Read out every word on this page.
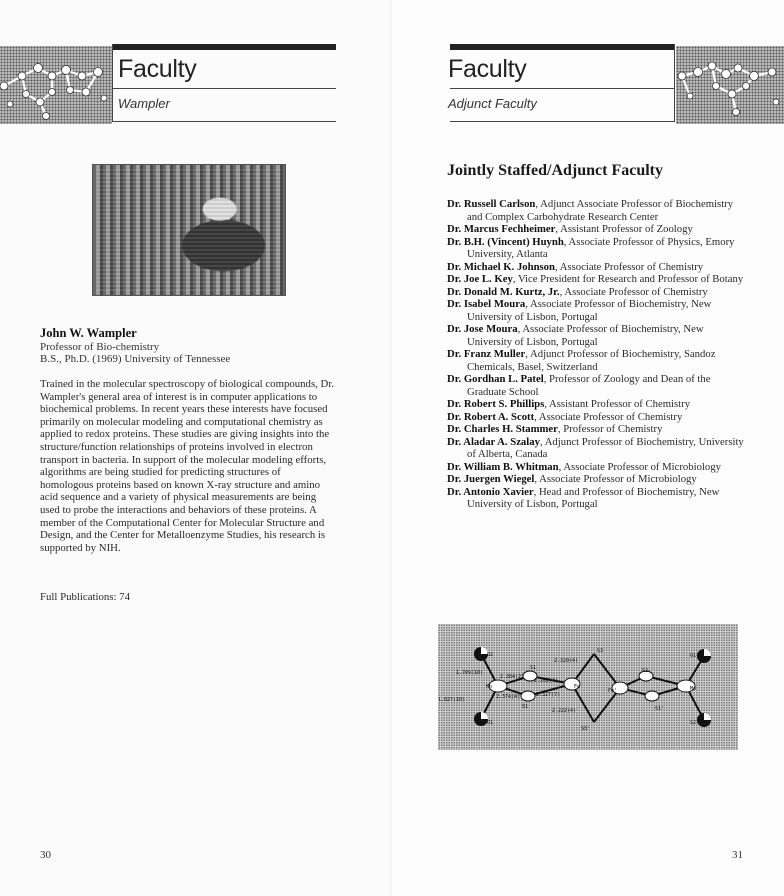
Faculty
Wampler
John W. Wampler
Professor of Bio-chemistry
B.S., Ph.D. (1969) University of Tennessee

Trained in the molecular spectroscopy of biological compounds, Dr. Wampler's general area of interest is in computer applications to biochemical problems. In recent years these interests have focused primarily on molecular modeling and computational chemistry as applied to redox proteins. These studies are giving insights into the structure/function relationships of proteins involved in electron transport in bacteria. In support of the molecular modeling efforts, algorithms are being studied for predicting structures of homologous proteins based on known X-ray structure and amino acid sequence and a variety of physical measurements are being used to probe the interactions and behaviors of these proteins. A member of the Computational Center for Molecular Structure and Design, and the Center for Metalloenzyme Studies, his research is supported by NIH.

Full Publications: 74
30
Faculty
Adjunct Faculty
Jointly Staffed/Adjunct Faculty
Dr. Russell Carlson, Adjunct Associate Professor of Biochemistry and Complex Carbohydrate Research Center
Dr. Marcus Fechheimer, Assistant Professor of Zoology
Dr. B.H. (Vincent) Huynh, Associate Professor of Physics, Emory University, Atlanta
Dr. Michael K. Johnson, Associate Professor of Chemistry
Dr. Joe L. Key, Vice President for Research and Professor of Botany
Dr. Donald M. Kurtz, Jr., Associate Professor of Chemistry
Dr. Isabel Moura, Associate Professor of Biochemistry, New University of Lisbon, Portugal
Dr. Jose Moura, Associate Professor of Biochemistry, New University of Lisbon, Portugal
Dr. Franz Muller, Adjunct Professor of Biochemistry, Sandoz Chemicals, Basel, Switzerland
Dr. Gordhan L. Patel, Professor of Zoology and Dean of the Graduate School
Dr. Robert S. Phillips, Assistant Professor of Chemistry
Dr. Robert A. Scott, Associate Professor of Chemistry
Dr. Charles H. Stammer, Professor of Chemistry
Dr. Aladar A. Szalay, Adjunct Professor of Biochemistry, University of Alberta, Canada
Dr. William B. Whitman, Associate Professor of Microbiology
Dr. Juergen Wiegel, Associate Professor of Microbiology
Dr. Antonio Xavier, Head and Professor of Biochemistry, New University of Lisbon, Portugal
O2
O1
O1'
S2'
Mo	Fe
Fe'	Mo
S1
S1
S3
S3'
S2
S1'
1.709(10)
2.264(2)
2.262(4)
2.320(4)
1.827(10)	2.374(4)	2.327(7)
2.222(4)
31
